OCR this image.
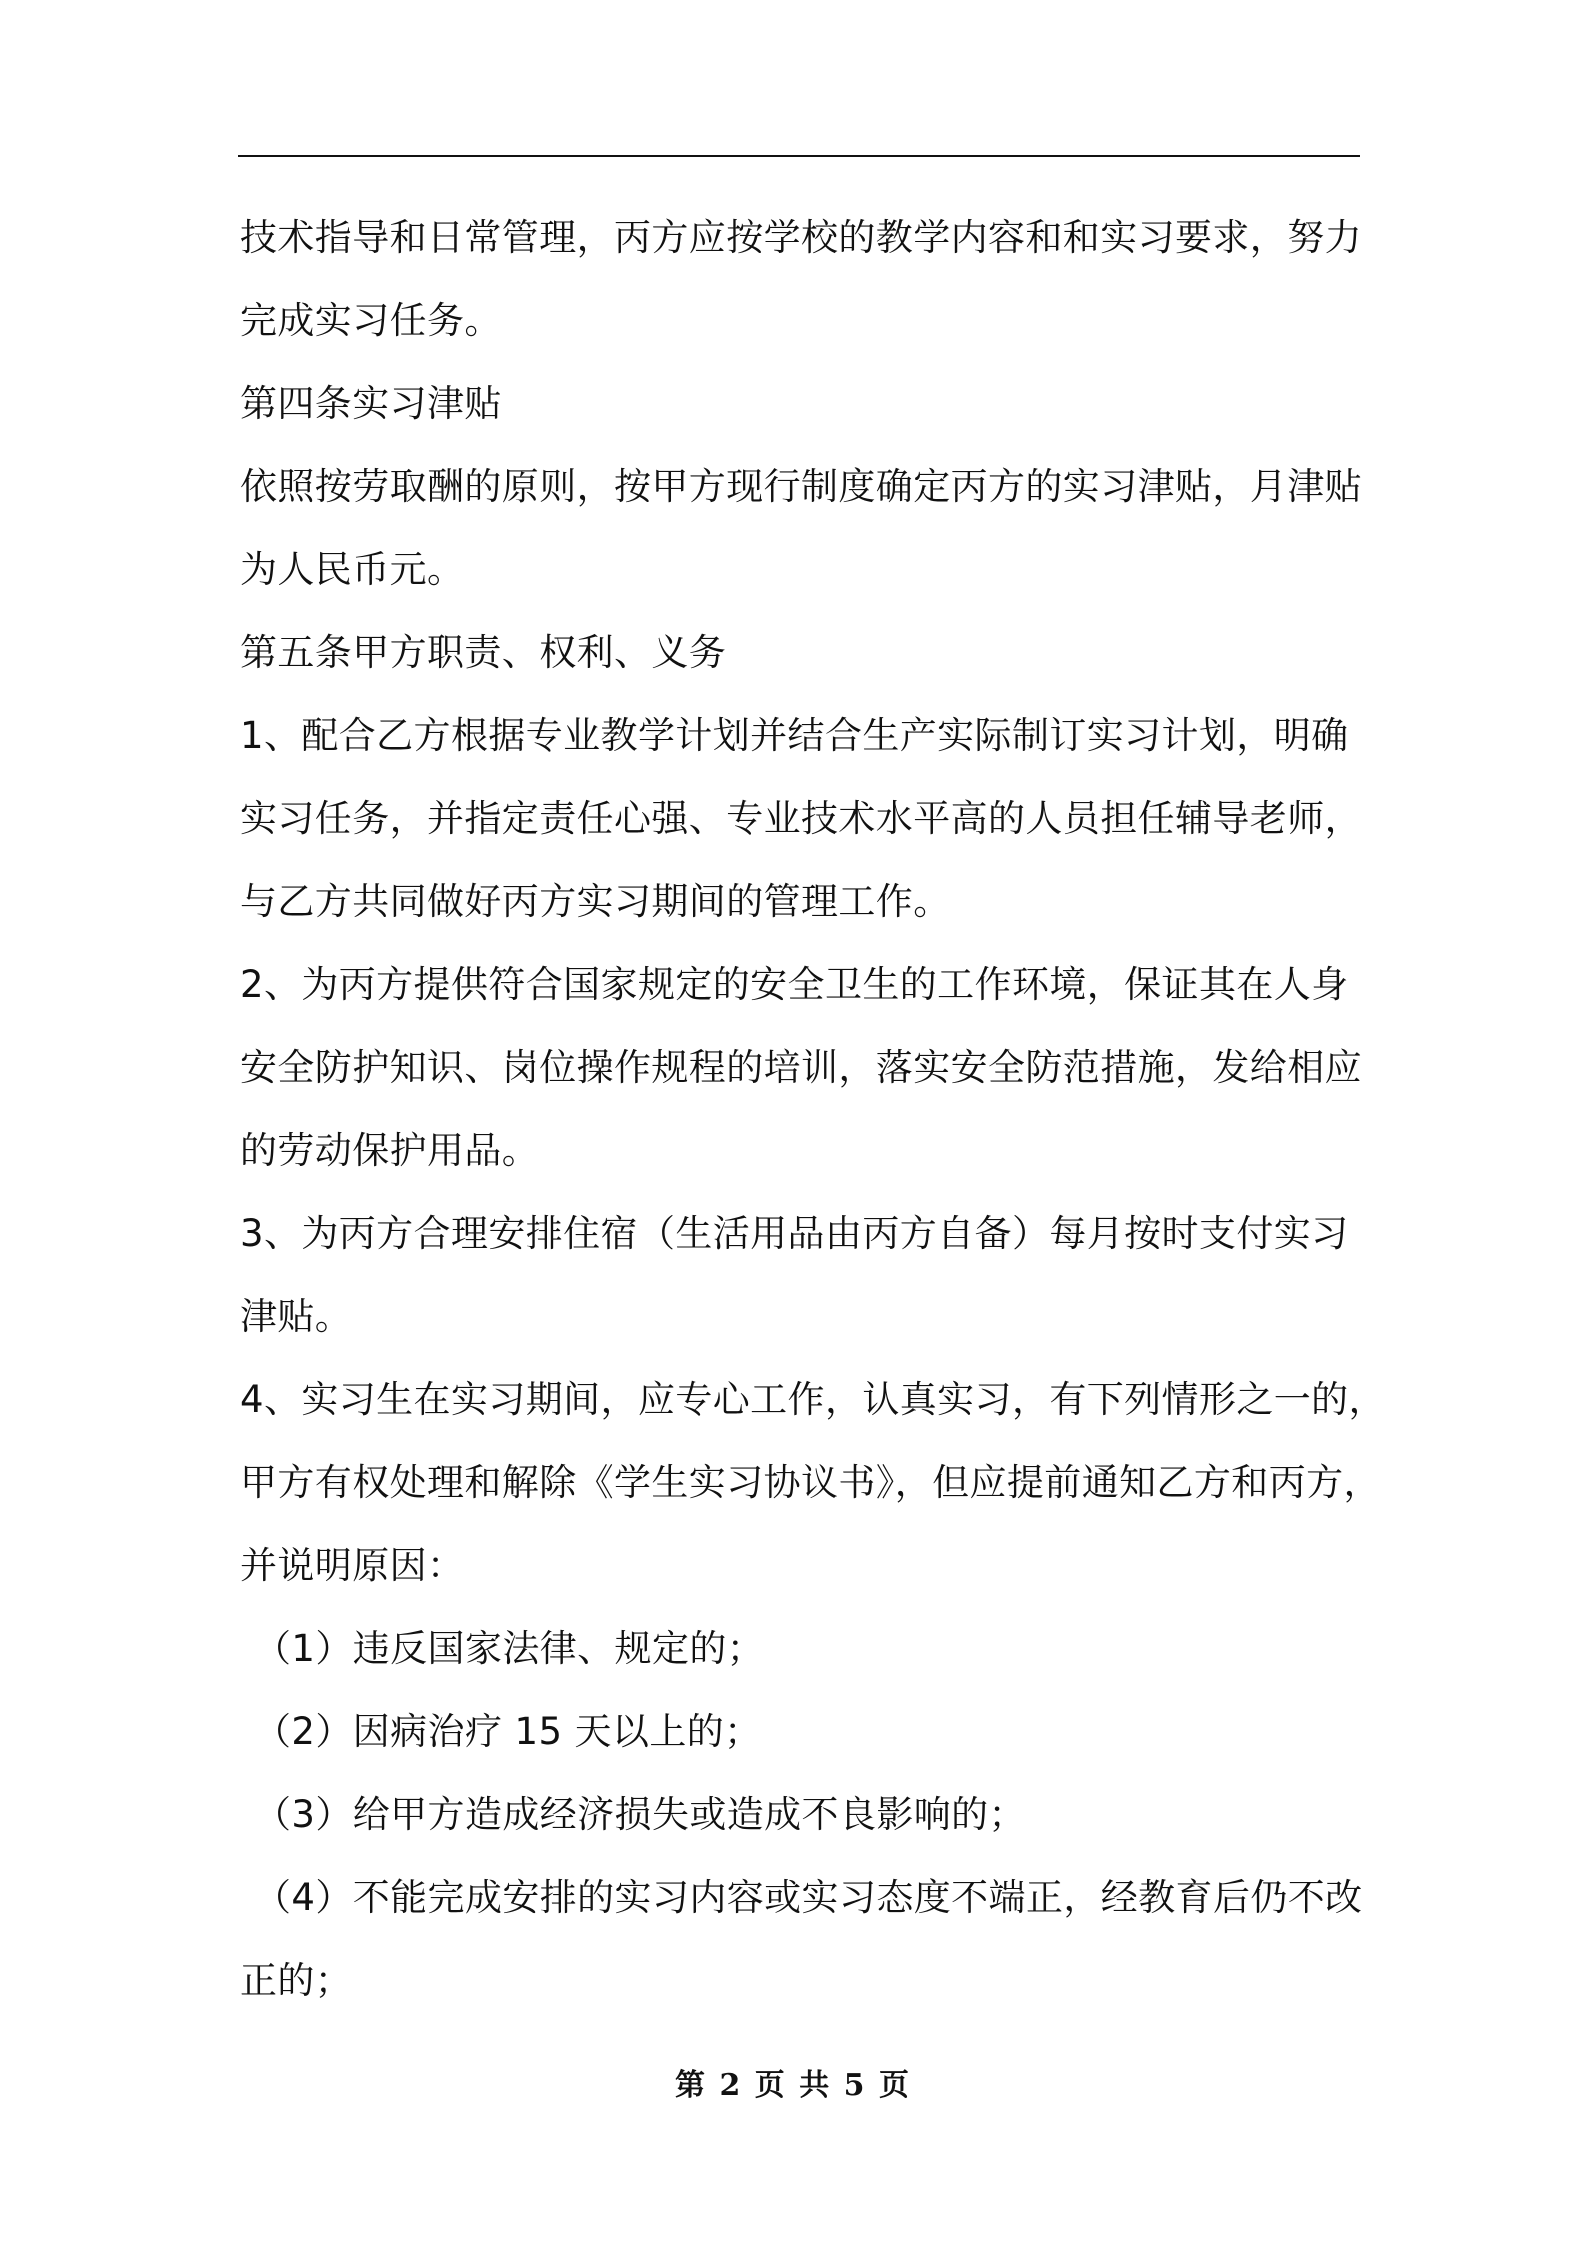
技术指导和日常管理，丙方应按学校的教学内容和和实习要求，努力

完成实习任务。

第四条实习津贴

依照按劳取酬的原则，按甲方现行制度确定丙方的实习津贴，月津贴

为人民币元。

第五条甲方职责、权利、义务

1、配合乙方根据专业教学计划并结合生产实际制订实习计划，明确

实习任务，并指定责任心强、专业技术水平高的人员担任辅导老师，

与乙方共同做好丙方实习期间的管理工作。

2、为丙方提供符合国家规定的安全卫生的工作环境，保证其在人身

安全防护知识、岗位操作规程的培训，落实安全防范措施，发给相应

的劳动保护用品。

3、为丙方合理安排住宿（生活用品由丙方自备）每月按时支付实习

津贴。

4、实习生在实习期间，应专心工作，认真实习，有下列情形之一的，

甲方有权处理和解除《学生实习协议书》，但应提前通知乙方和丙方，

并说明原因：

（1）违反国家法律、规定的；

（2）因病治疗 15 天以上的；

（3）给甲方造成经济损失或造成不良影响的；

（4）不能完成安排的实习内容或实习态度不端正，经教育后仍不改

正的；

第 2 页 共 5 页
